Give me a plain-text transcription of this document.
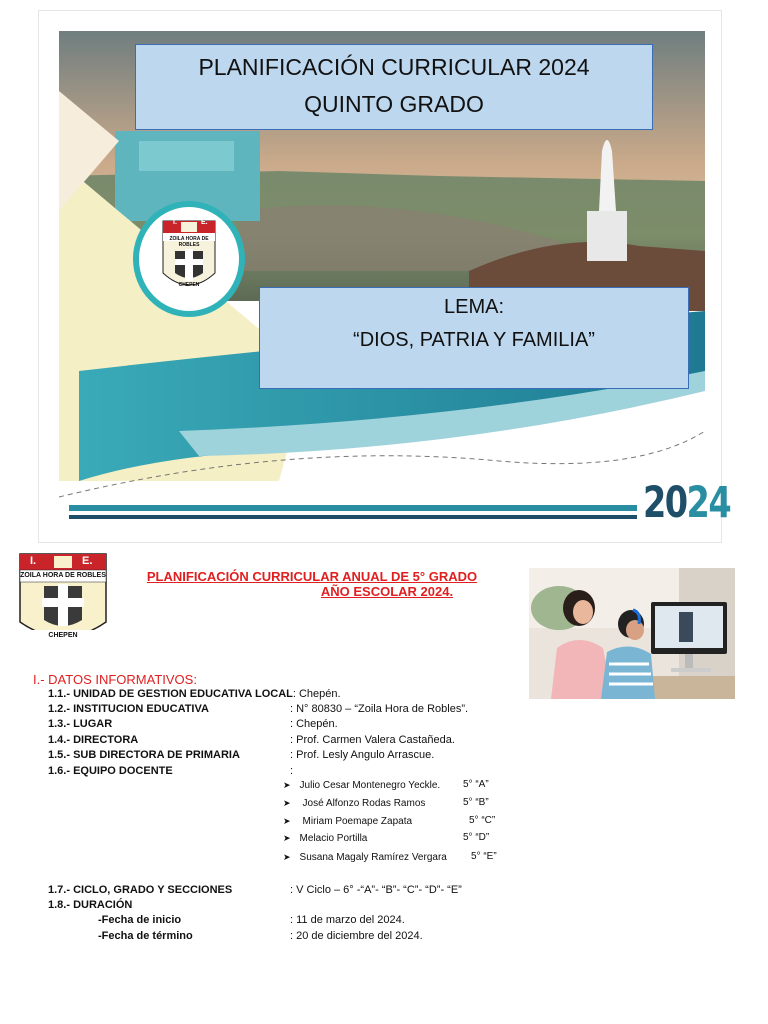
I.	E.
ZOILA HORA DE ROBLES
CHEPEN
PLANIFICACIÓN CURRICULAR 2024
QUINTO GRADO
LEMA:
“DIOS, PATRIA Y FAMILIA”
2024
I.	E.
ZOILA HORA DE ROBLES
CHEPEN
PLANIFICACIÓN CURRICULAR ANUAL DE 5° GRADO
AÑO ESCOLAR 2024.
I.- DATOS INFORMATIVOS:
1.1.- UNIDAD DE GESTION EDUCATIVA LOCAL: Chepén.
1.2.- INSTITUCION EDUCATIVA	: N° 80830 – “Zoila Hora de Robles”.
1.3.- LUGAR	: Chepén.
1.4.- DIRECTORA	: Prof. Carmen Valera Castañeda.
1.5.- SUB DIRECTORA DE PRIMARIA	: Prof. Lesly Angulo Arrascue.
1.6.- EQUIPO DOCENTE	:
➤ Julio Cesar Montenegro Yeckle. 5° “A”
➤ José Alfonzo Rodas Ramos	5° “B”
➤ Miriam Poemape Zapata	5° “C”
➤ Melacio Portilla	5° “D”
➤ Susana Magaly Ramírez Vergara 5° “E”
1.7.- CICLO, GRADO Y SECCIONES	: V Ciclo – 6° -“A”- “B”- “C”- “D”- “E”
1.8.- DURACIÓN
-Fecha de inicio	: 11 de marzo del 2024.
-Fecha de término	: 20 de diciembre del 2024.
